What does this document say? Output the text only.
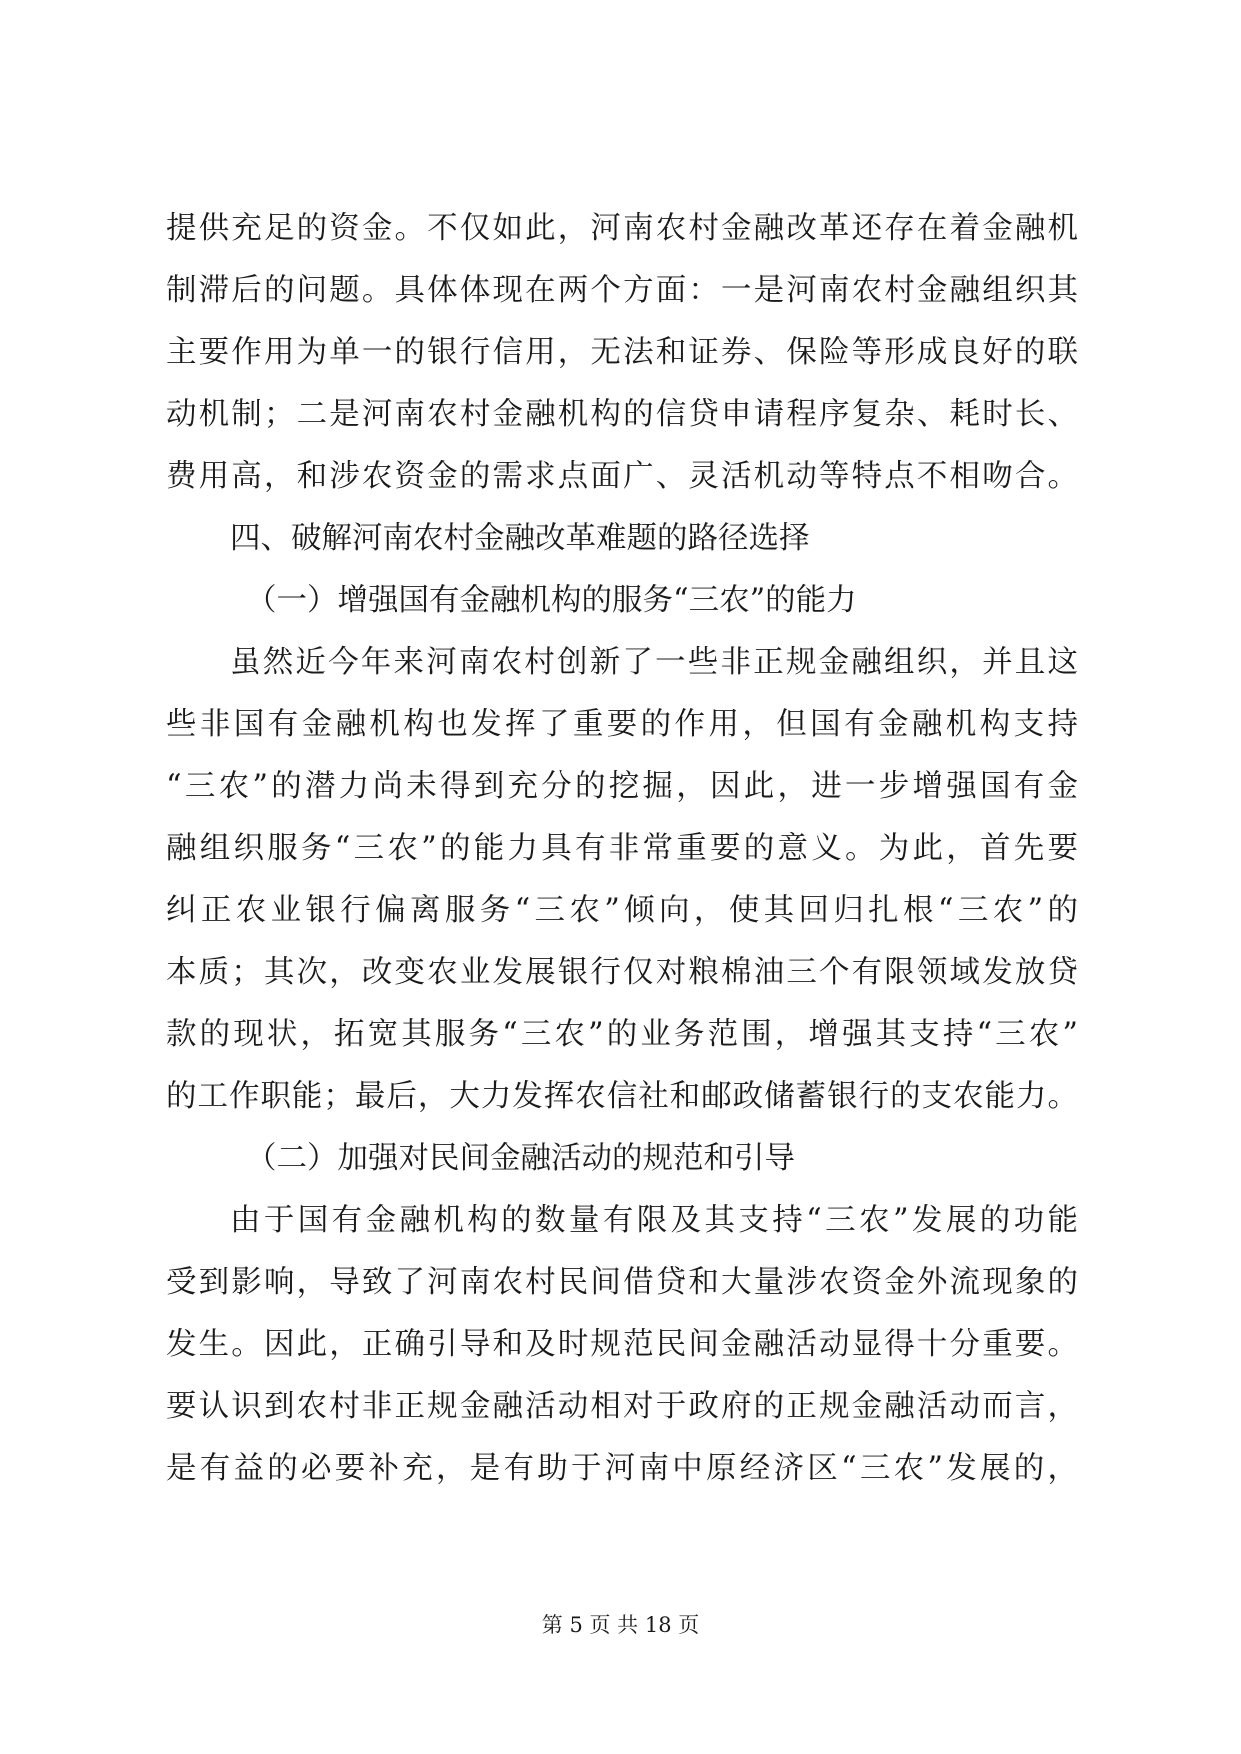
提供充足的资金。不仅如此，河南农村金融改革还存在着金融机
制滞后的问题。具体体现在两个方面：一是河南农村金融组织其
主要作用为单一的银行信用，无法和证券、保险等形成良好的联
动机制；二是河南农村金融机构的信贷申请程序复杂、耗时长、
费用高，和涉农资金的需求点面广、灵活机动等特点不相吻合。
四、破解河南农村金融改革难题的路径选择
（一）增强国有金融机构的服务“三农”的能力
虽然近今年来河南农村创新了一些非正规金融组织，并且这
些非国有金融机构也发挥了重要的作用，但国有金融机构支持
“三农”的潜力尚未得到充分的挖掘，因此，进一步增强国有金
融组织服务“三农”的能力具有非常重要的意义。为此，首先要
纠正农业银行偏离服务“三农”倾向，使其回归扎根“三农”的
本质；其次，改变农业发展银行仅对粮棉油三个有限领域发放贷
款的现状，拓宽其服务“三农”的业务范围，增强其支持“三农”
的工作职能；最后，大力发挥农信社和邮政储蓄银行的支农能力。
（二）加强对民间金融活动的规范和引导
由于国有金融机构的数量有限及其支持“三农”发展的功能
受到影响，导致了河南农村民间借贷和大量涉农资金外流现象的
发生。因此，正确引导和及时规范民间金融活动显得十分重要。
要认识到农村非正规金融活动相对于政府的正规金融活动而言，
是有益的必要补充，是有助于河南中原经济区“三农”发展的，
第 5 页 共 18 页
